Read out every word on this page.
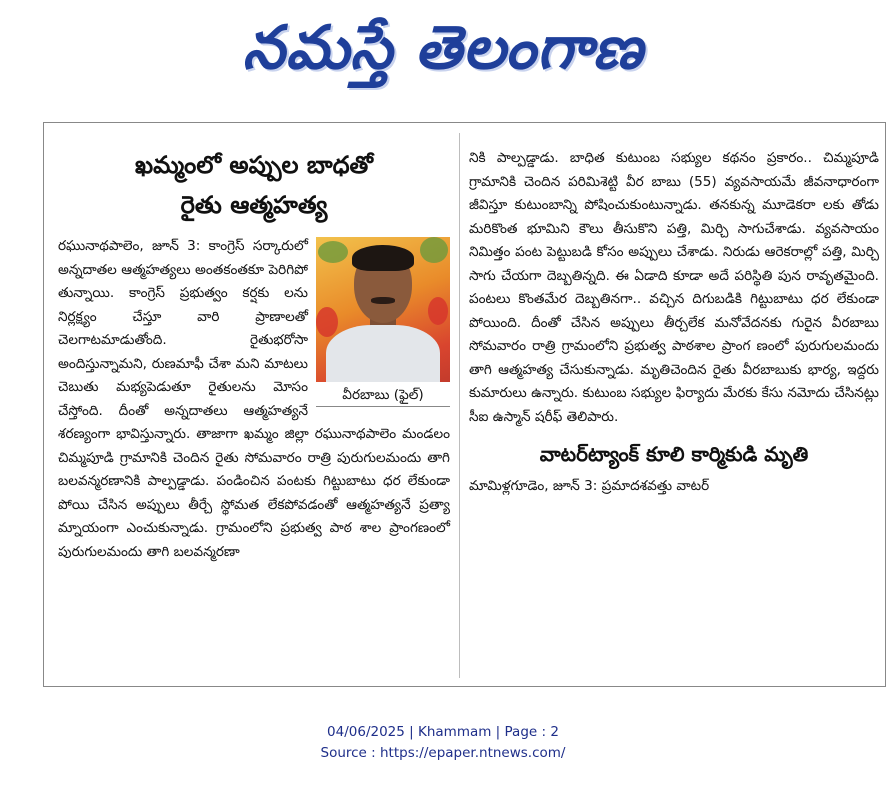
నమస్తే తెలంగాణ
ఖమ్మంలో అప్పుల బాధతో
రైతు ఆత్మహత్య
వీరబాబు (ఫైల్)

రఘునాథపాలెం, జూన్ 3: కాంగ్రెస్ సర్కారులో అన్నదాతల ఆత్మహత్యలు అంతకంతకూ పెరిగిపో తున్నాయి. కాంగ్రెస్ ప్రభుత్వం కర్షకు లను నిర్లక్ష్యం చేస్తూ వారి ప్రాణాలతో చెలగాటమాడుతోంది. రైతుభరోసా అందిస్తున్నామని, రుణమాఫీ చేశా మని మాటలు చెబుతు మభ్యపెడుతూ రైతులను మోసం చేస్తోంది. దీంతో అన్నదాతలు ఆత్మహత్యనే శరణ్యంగా భావిస్తున్నారు. తాజాగా ఖమ్మం జిల్లా రఘునాథపాలెం మండలం చిమ్మపూడి గ్రామానికి చెందిన రైతు సోమవారం రాత్రి పురుగులమందు తాగి బలవన్మరణానికి పాల్పడ్డాడు. పండించిన పంటకు గిట్టుబాటు ధర లేకుండా పోయి చేసిన అప్పులు తీర్చే స్థోమత లేకపోవడంతో ఆత్మహత్యనే ప్రత్యా మ్నాయంగా ఎంచుకున్నాడు. గ్రామంలోని ప్రభుత్వ పాఠ శాల ప్రాంగణంలో పురుగులమందు తాగి బలవన్మరణా

నికి పాల్పడ్డాడు. బాధిత కుటుంబ సభ్యుల కథనం ప్రకారం.. చిమ్మపూడి గ్రామానికి చెందిన పరిమిశెట్టి వీర బాబు (55) వ్యవసాయమే జీవనాధారంగా జీవిస్తూ కుటుంబాన్ని పోషించుకుంటున్నాడు. తనకున్న మూడెకరా లకు తోడు మరికొంత భూమిని కౌలు తీసుకొని పత్తి, మిర్చి సాగుచేశాడు. వ్యవసాయం నిమిత్తం పంట పెట్టుబడి కోసం అప్పులు చేశాడు. నిరుడు ఆరెకరాల్లో పత్తి, మిర్చి సాగు చేయగా దెబ్బతిన్నది. ఈ ఏడాది కూడా అదే పరిస్థితి పున రావృతమైంది. పంటలు కొంతమేర దెబ్బతినగా.. వచ్చిన దిగుబడికి గిట్టుబాటు ధర లేకుండా పోయింది. దీంతో చేసిన అప్పులు తీర్చలేక మనోవేదనకు గురైన వీరబాబు సోమవారం రాత్రి గ్రామంలోని ప్రభుత్వ పాఠశాల ప్రాంగ ణంలో పురుగులమందు తాగి ఆత్మహత్య చేసుకున్నాడు. మృతిచెందిన రైతు వీరబాబుకు భార్య, ఇద్దరు కుమారులు ఉన్నారు. కుటుంబ సభ్యుల ఫిర్యాదు మేరకు కేసు నమోదు చేసినట్లు సీఐ ఉస్మాన్ షరీఫ్ తెలిపారు.

వాటర్‌ట్యాంక్ కూలి కార్మికుడి మృతి

మామిళ్లగూడెం, జూన్ 3: ప్రమాదశవత్తు వాటర్

04/06/2025 | Khammam | Page : 2
Source : https://epaper.ntnews.com/
